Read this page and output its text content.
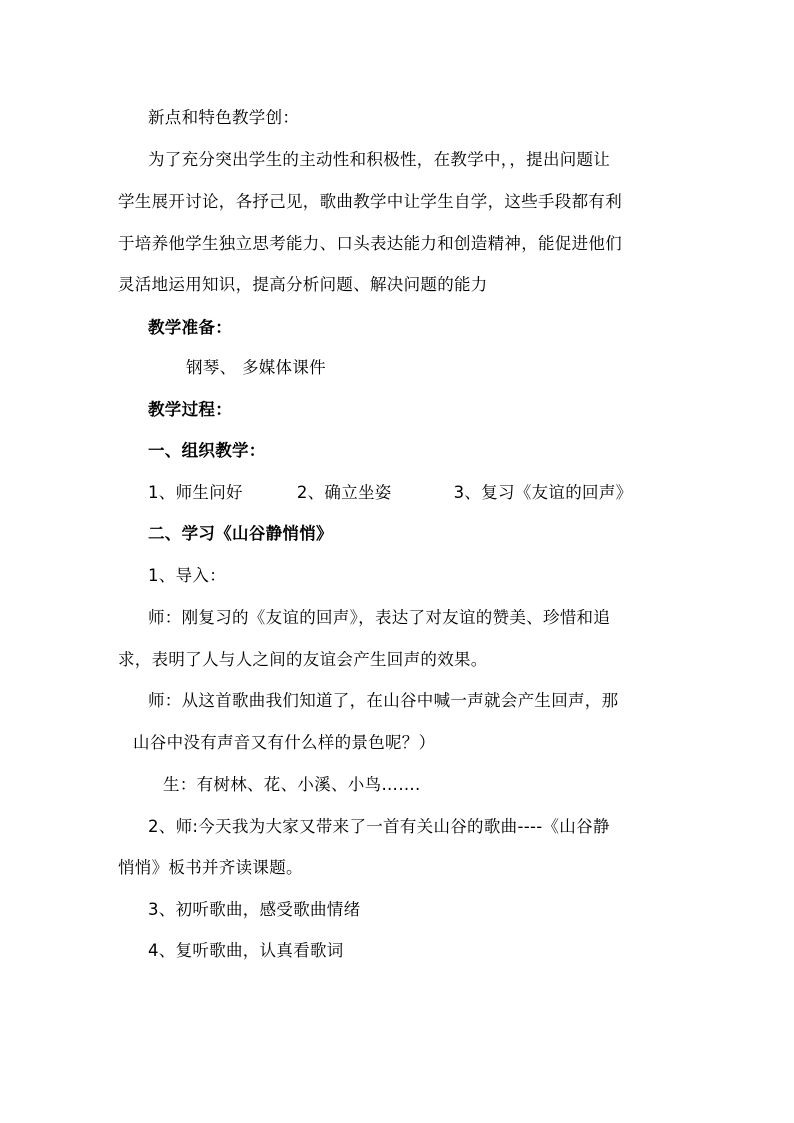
新点和特色教学创：
为了充分突出学生的主动性和积极性，在教学中，，提出问题让
学生展开讨论，各抒己见，歌曲教学中让学生自学，这些手段都有利
于培养他学生独立思考能力、口头表达能力和创造精神，能促进他们
灵活地运用知识，提高分析问题、解决问题的能力
教学准备：
钢琴、 多媒体课件
教学过程：
一、组织教学：
1、师生问好	2、确立坐姿	3、复习《友谊的回声》
二、学习《山谷静悄悄》
1、导入：
师：刚复习的《友谊的回声》，表达了对友谊的赞美、珍惜和追
求，表明了人与人之间的友谊会产生回声的效果。
师：从这首歌曲我们知道了，在山谷中喊一声就会产生回声，那
山谷中没有声音又有什么样的景色呢？）
生：有树林、花、小溪、小鸟…….
2、师:今天我为大家又带来了一首有关山谷的歌曲----《山谷静
悄悄》板书并齐读课题。
3、初听歌曲，感受歌曲情绪
4、复听歌曲，认真看歌词
